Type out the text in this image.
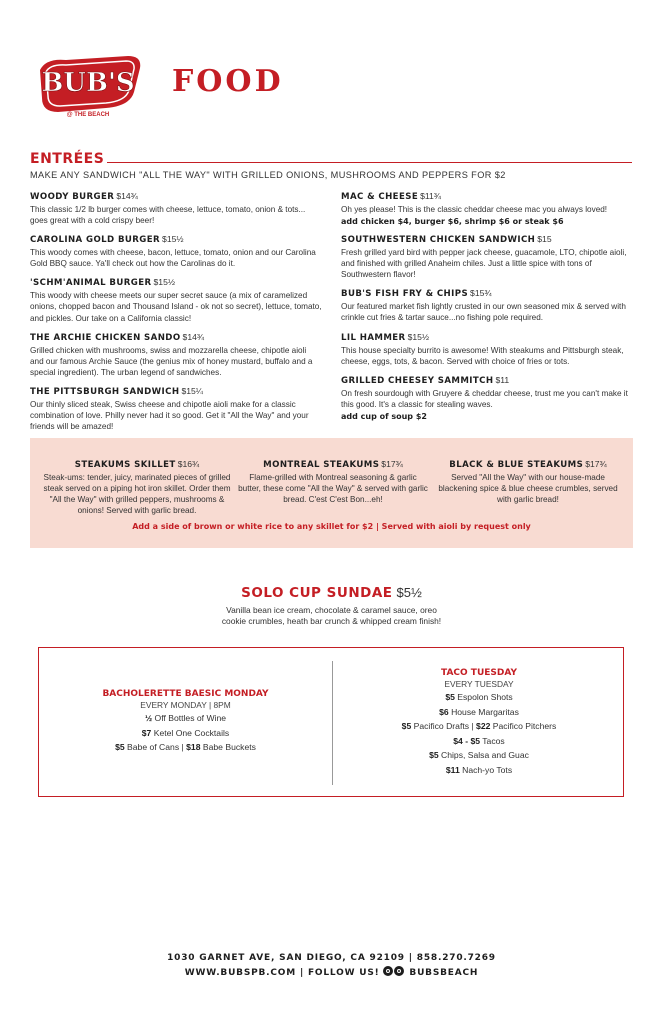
BUB'S
@ THE BEACH
FOOD
ENTRÉES
MAKE ANY SANDWICH "ALL THE WAY" WITH GRILLED ONIONS, MUSHROOMS AND PEPPERS FOR $2
WOODY BURGER $14¾
This classic 1/2 lb burger comes with cheese, lettuce, tomato, onion & tots... goes great with a cold crispy beer!
CAROLINA GOLD BURGER $15½
This woody comes with cheese, bacon, lettuce, tomato, onion and our Carolina Gold BBQ sauce. Ya'll check out how the Carolinas do it.
'SCHM'ANIMAL BURGER $15½
This woody with cheese meets our super secret sauce (a mix of caramelized onions, chopped bacon and Thousand Island - ok not so secret), lettuce, tomato, and pickles. Our take on a California classic!
THE ARCHIE CHICKEN SANDO $14¾
Grilled chicken with mushrooms, swiss and mozzarella cheese, chipotle aioli and our famous Archie Sauce (the genius mix of honey mustard, buffalo and a special ingredient). The urban legend of sandwiches.
THE PITTSBURGH SANDWICH $15¼
Our thinly sliced steak, Swiss cheese and chipotle aioli make for a classic combination of love. Philly never had it so good. Get it "All the Way" and your friends will be amazed!
MAC & CHEESE $11¾
Oh yes please! This is the classic cheddar cheese mac you always loved!
add chicken $4, burger $6, shrimp $6 or steak $6
SOUTHWESTERN CHICKEN SANDWICH $15
Fresh grilled yard bird with pepper jack cheese, guacamole, LTO, chipotle aioli, and finished with grilled Anaheim chiles. Just a little spice with tons of Southwestern flavor!
BUB'S FISH FRY & CHIPS $15¾
Our featured market fish lightly crusted in our own seasoned mix & served with crinkle cut fries & tartar sauce...no fishing pole required.
LIL HAMMER $15½
This house specialty burrito is awesome! With steakums and Pittsburgh steak, cheese, eggs, tots, & bacon. Served with choice of fries or tots.
GRILLED CHEESEY SAMMITCH $11
On fresh sourdough with Gruyere & cheddar cheese, trust me you can't make it this good. It's a classic for stealing waves.
add cup of soup $2
STEAKUMS SKILLET $16¾
Steak-ums: tender, juicy, marinated pieces of grilled steak served on a piping hot iron skillet. Order them "All the Way" with grilled peppers, mushrooms & onions! Served with garlic bread.
MONTREAL STEAKUMS $17¾
Flame-grilled with Montreal seasoning & garlic butter, these come "All the Way" & served with garlic bread. C'est C'est Bon...eh!
BLACK & BLUE STEAKUMS $17¾
Served "All the Way" with our house-made blackening spice & blue cheese crumbles, served with garlic bread!
Add a side of brown or white rice to any skillet for $2 | Served with aioli by request only
SOLO CUP SUNDAE $5½
Vanilla bean ice cream, chocolate & caramel sauce, oreo
cookie crumbles, heath bar crunch & whipped cream finish!
BACHOLERETTE BAESIC MONDAY
EVERY MONDAY | 8PM
½ Off Bottles of Wine
$7 Ketel One Cocktails
$5 Babe of Cans | $18 Babe Buckets
TACO TUESDAY
EVERY TUESDAY
$5 Espolon Shots
$6 House Margaritas
$5 Pacifico Drafts | $22 Pacifico Pitchers
$4 - $5 Tacos
$5 Chips, Salsa and Guac
$11 Nach-yo Tots
1030 GARNET AVE, SAN DIEGO, CA 92109 | 858.270.7269
WWW.BUBSPB.COM | FOLLOW US!	BUBSBEACH
